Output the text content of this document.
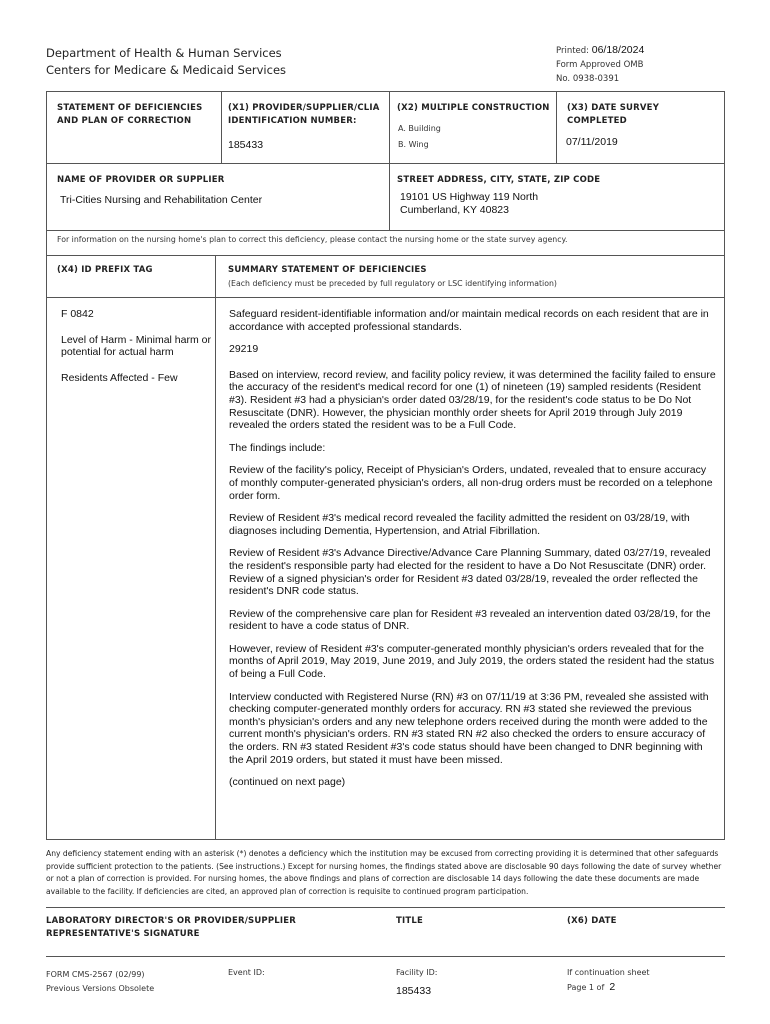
Department of Health & Human Services
Centers for Medicare & Medicaid Services
Printed: 06/18/2024
Form Approved OMB
No. 0938-0391
STATEMENT OF DEFICIENCIES AND PLAN OF CORRECTION
(X1) PROVIDER/SUPPLIER/CLIA IDENTIFICATION NUMBER:
185433
(X2) MULTIPLE CONSTRUCTION
A. Building
B. Wing
(X3) DATE SURVEY COMPLETED
07/11/2019
NAME OF PROVIDER OR SUPPLIER
Tri-Cities Nursing and Rehabilitation Center
STREET ADDRESS, CITY, STATE, ZIP CODE
19101 US Highway 119 North
Cumberland, KY 40823
For information on the nursing home's plan to correct this deficiency, please contact the nursing home or the state survey agency.
(X4) ID PREFIX TAG	SUMMARY STATEMENT OF DEFICIENCIES
(Each deficiency must be preceded by full regulatory or LSC identifying information)
F 0842
Level of Harm - Minimal harm or potential for actual harm
Residents Affected - Few

Safeguard resident-identifiable information and/or maintain medical records on each resident that are in accordance with accepted professional standards.

29219

Based on interview, record review, and facility policy review, it was determined the facility failed to ensure the accuracy of the resident's medical record for one (1) of nineteen (19) sampled residents (Resident #3). Resident #3 had a physician's order dated 03/28/19, for the resident's code status to be Do Not Resuscitate (DNR). However, the physician monthly order sheets for April 2019 through July 2019 revealed the orders stated the resident was to be a Full Code.

The findings include:

Review of the facility's policy, Receipt of Physician's Orders, undated, revealed that to ensure accuracy of monthly computer-generated physician's orders, all non-drug orders must be recorded on a telephone order form.

Review of Resident #3's medical record revealed the facility admitted the resident on 03/28/19, with diagnoses including Dementia, Hypertension, and Atrial Fibrillation.

Review of Resident #3's Advance Directive/Advance Care Planning Summary, dated 03/27/19, revealed the resident's responsible party had elected for the resident to have a Do Not Resuscitate (DNR) order. Review of a signed physician's order for Resident #3 dated 03/28/19, revealed the order reflected the resident's DNR code status.

Review of the comprehensive care plan for Resident #3 revealed an intervention dated 03/28/19, for the resident to have a code status of DNR.

However, review of Resident #3's computer-generated monthly physician's orders revealed that for the months of April 2019, May 2019, June 2019, and July 2019, the orders stated the resident had the status of being a Full Code.

Interview conducted with Registered Nurse (RN) #3 on 07/11/19 at 3:36 PM, revealed she assisted with checking computer-generated monthly orders for accuracy. RN #3 stated she reviewed the previous month's physician's orders and any new telephone orders received during the month were added to the current month's physician's orders. RN #3 stated RN #2 also checked the orders to ensure accuracy of the orders. RN #3 stated Resident #3's code status should have been changed to DNR beginning with the April 2019 orders, but stated it must have been missed.

(continued on next page)

Any deficiency statement ending with an asterisk (*) denotes a deficiency which the institution may be excused from correcting providing it is determined that other safeguards provide sufficient protection to the patients. (See instructions.) Except for nursing homes, the findings stated above are disclosable 90 days following the date of survey whether or not a plan of correction is provided. For nursing homes, the above findings and plans of correction are disclosable 14 days following the date these documents are made available to the facility. If deficiencies are cited, an approved plan of correction is requisite to continued program participation.
LABORATORY DIRECTOR'S OR PROVIDER/SUPPLIER REPRESENTATIVE'S SIGNATURE
TITLE	(X6) DATE
FORM CMS-2567 (02/99)
Previous Versions Obsolete
Event ID:	Facility ID:
185433
If continuation sheet
Page 1 of 2
